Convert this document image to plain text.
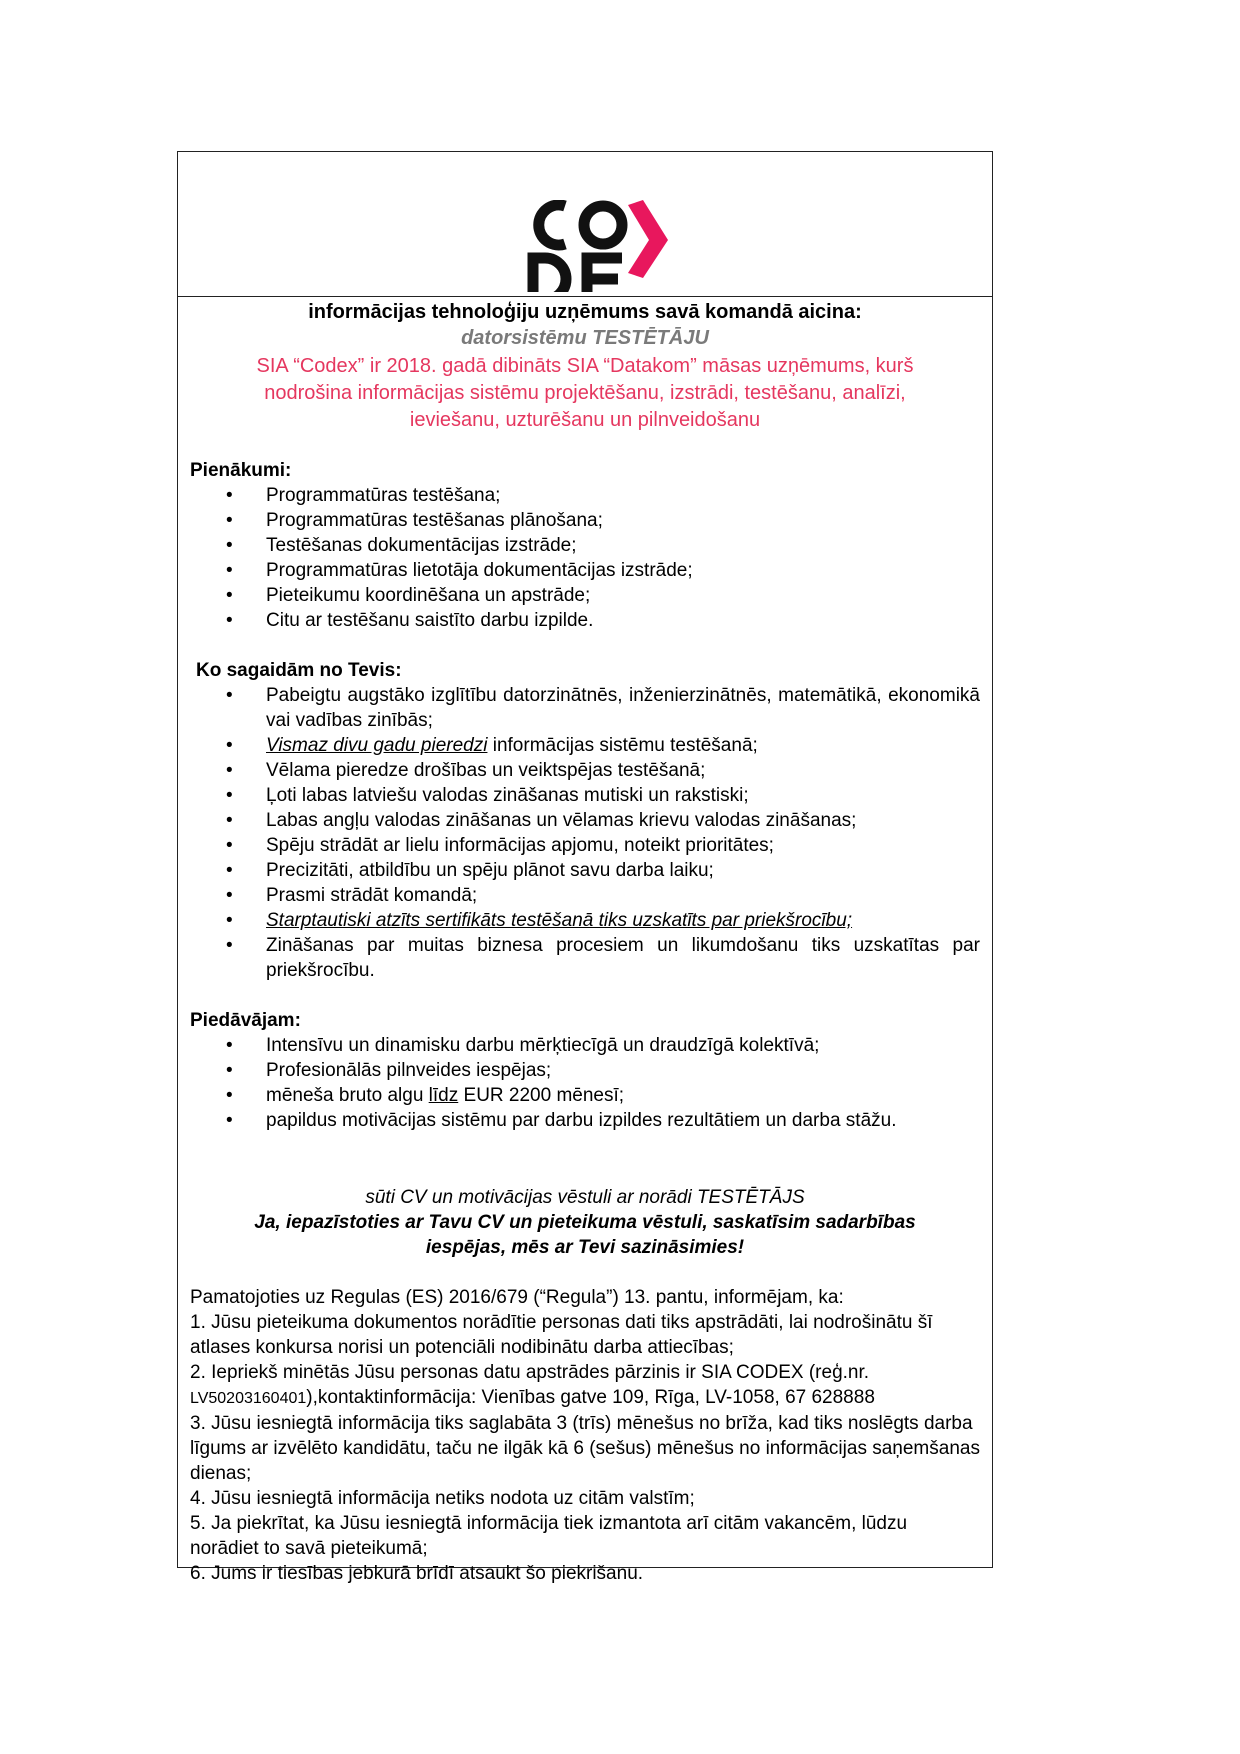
informācijas tehnoloģiju uzņēmums savā komandā aicina:
datorsistēmu TESTĒTĀJU
SIA “Codex” ir 2018. gadā dibināts SIA “Datakom” māsas uzņēmums, kurš nodrošina informācijas sistēmu projektēšanu, izstrādi, testēšanu, analīzi, ieviešanu, uzturēšanu un pilnveidošanu
Pienākumi:
• Programmatūras testēšana;
• Programmatūras testēšanas plānošana;
• Testēšanas dokumentācijas izstrāde;
• Programmatūras lietotāja dokumentācijas izstrāde;
• Pieteikumu koordinēšana un apstrāde;
• Citu ar testēšanu saistīto darbu izpilde.
Ko sagaidām no Tevis:
• Pabeigtu augstāko izglītību datorzinātnēs, inženierzinātnēs, matemātikā, ekonomikā vai vadības zinībās;
• Vismaz divu gadu pieredzi informācijas sistēmu testēšanā;
• Vēlama pieredze drošības un veiktspējas testēšanā;
• Ļoti labas latviešu valodas zināšanas mutiski un rakstiski;
• Labas angļu valodas zināšanas un vēlamas krievu valodas zināšanas;
• Spēju strādāt ar lielu informācijas apjomu, noteikt prioritātes;
• Precizitāti, atbildību un spēju plānot savu darba laiku;
• Prasmi strādāt komandā;
• Starptautiski atzīts sertifikāts testēšanā tiks uzskatīts par priekšrocību;
• Zināšanas par muitas biznesa procesiem un likumdošanu tiks uzskatītas par priekšrocību.
Piedāvājam:
• Intensīvu un dinamisku darbu mērķtiecīgā un draudzīgā kolektīvā;
• Profesionālās pilnveides iespējas;
• mēneša bruto algu līdz EUR 2200 mēnesī;
• papildus motivācijas sistēmu par darbu izpildes rezultātiem un darba stāžu.
sūti CV un motivācijas vēstuli ar norādi TESTĒTĀJS
Ja, iepazīstoties ar Tavu CV un pieteikuma vēstuli, saskatīsim sadarbības iespējas, mēs ar Tevi sazināsimies!

Pamatojoties uz Regulas (ES) 2016/679 (“Regula”) 13. pantu, informējam, ka:

1. Jūsu pieteikuma dokumentos norādītie personas dati tiks apstrādāti, lai nodrošinātu šī atlases konkursa norisi un potenciāli nodibinātu darba attiecības;

2. Iepriekš minētās Jūsu personas datu apstrādes pārzinis ir SIA CODEX (reģ.nr. LV50203160401),kontaktinformācija: Vienības gatve 109, Rīga, LV-1058, 67 628888

3. Jūsu iesniegtā informācija tiks saglabāta 3 (trīs) mēnešus no brīža, kad tiks noslēgts darba līgums ar izvēlēto kandidātu, taču ne ilgāk kā 6 (sešus) mēnešus no informācijas saņemšanas dienas;

4. Jūsu iesniegtā informācija netiks nodota uz citām valstīm;

5. Ja piekrītat, ka Jūsu iesniegtā informācija tiek izmantota arī citām vakancēm, lūdzu norādiet to savā pieteikumā;

6. Jums ir tiesības jebkurā brīdī atsaukt šo piekrišanu.
